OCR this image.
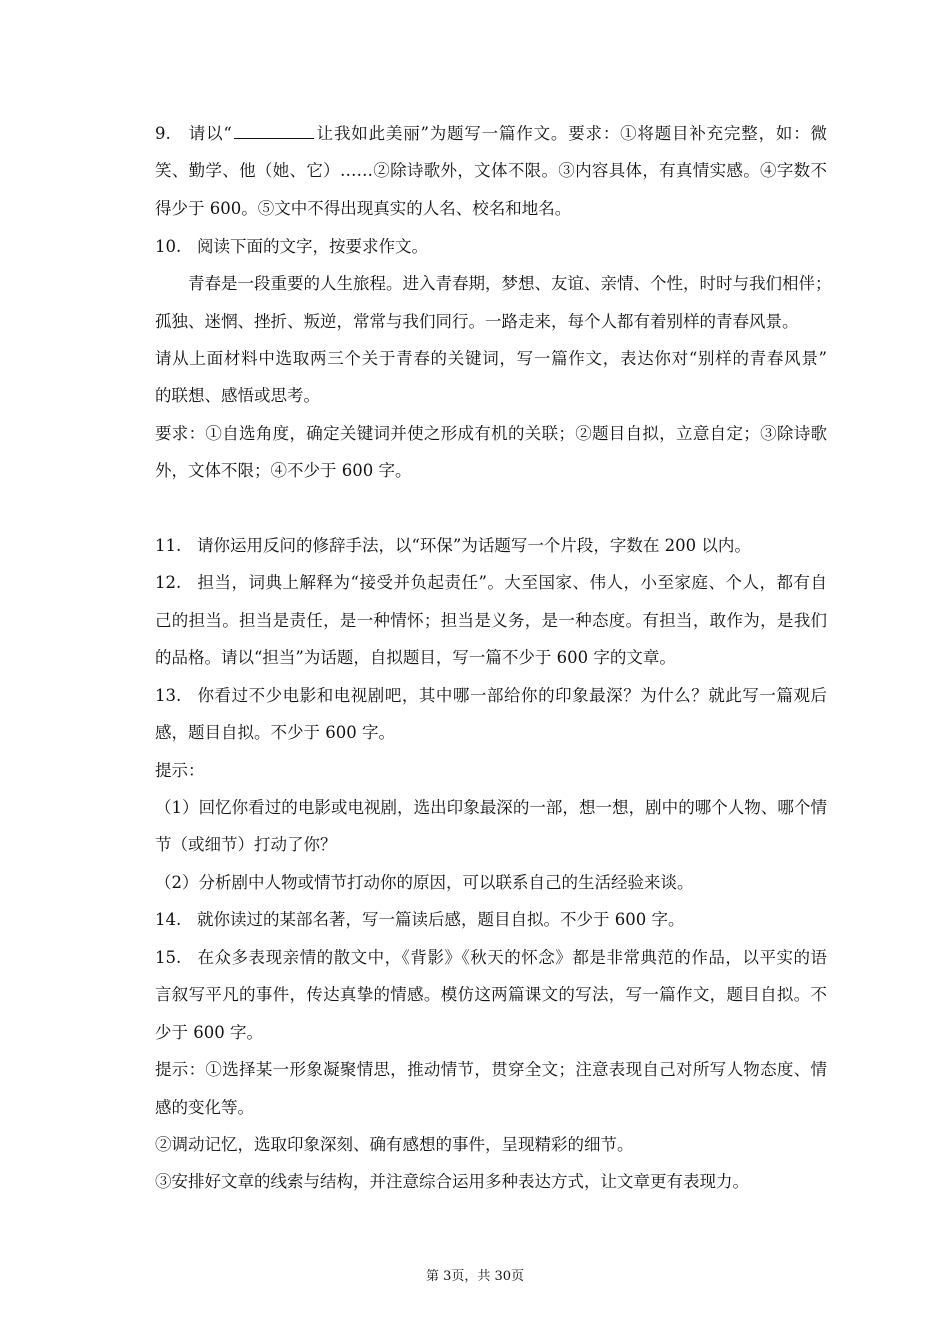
9. 请以“	让我如此美丽”为题写一篇作文。要求：①将题目补充完整，如：微
笑、勤学、他（她、它）……②除诗歌外，文体不限。③内容具体，有真情实感。④字数不
得少于 600。⑤文中不得出现真实的人名、校名和地名。
10. 阅读下面的文字，按要求作文。
青春是一段重要的人生旅程。进入青春期，梦想、友谊、亲情、个性，时时与我们相伴；
孤独、迷惘、挫折、叛逆，常常与我们同行。一路走来，每个人都有着别样的青春风景。
请从上面材料中选取两三个关于青春的关键词，写一篇作文，表达你对“别样的青春风景”
的联想、感悟或思考。
要求：①自选角度，确定关键词并使之形成有机的关联；②题目自拟，立意自定；③除诗歌
外，文体不限；④不少于 600 字。
11. 请你运用反问的修辞手法，以“环保”为话题写一个片段，字数在 200 以内。
12. 担当，词典上解释为“接受并负起责任”。大至国家、伟人，小至家庭、个人，都有自
己的担当。担当是责任，是一种情怀；担当是义务，是一种态度。有担当，敢作为，是我们
的品格。请以“担当”为话题，自拟题目，写一篇不少于 600 字的文章。
13. 你看过不少电影和电视剧吧，其中哪一部给你的印象最深？为什么？就此写一篇观后
感，题目自拟。不少于 600 字。
提示：
（1）回忆你看过的电影或电视剧，选出印象最深的一部，想一想，剧中的哪个人物、哪个情
节（或细节）打动了你？
（2）分析剧中人物或情节打动你的原因，可以联系自己的生活经验来谈。
14. 就你读过的某部名著，写一篇读后感，题目自拟。不少于 600 字。
15. 在众多表现亲情的散文中，《背影》《秋天的怀念》都是非常典范的作品，以平实的语
言叙写平凡的事件，传达真挚的情感。模仿这两篇课文的写法，写一篇作文，题目自拟。不
少于 600 字。
提示：①选择某一形象凝聚情思，推动情节，贯穿全文；注意表现自己对所写人物态度、情
感的变化等。
②调动记忆，选取印象深刻、确有感想的事件，呈现精彩的细节。
③安排好文章的线索与结构，并注意综合运用多种表达方式，让文章更有表现力。
第 3页，共 30页
